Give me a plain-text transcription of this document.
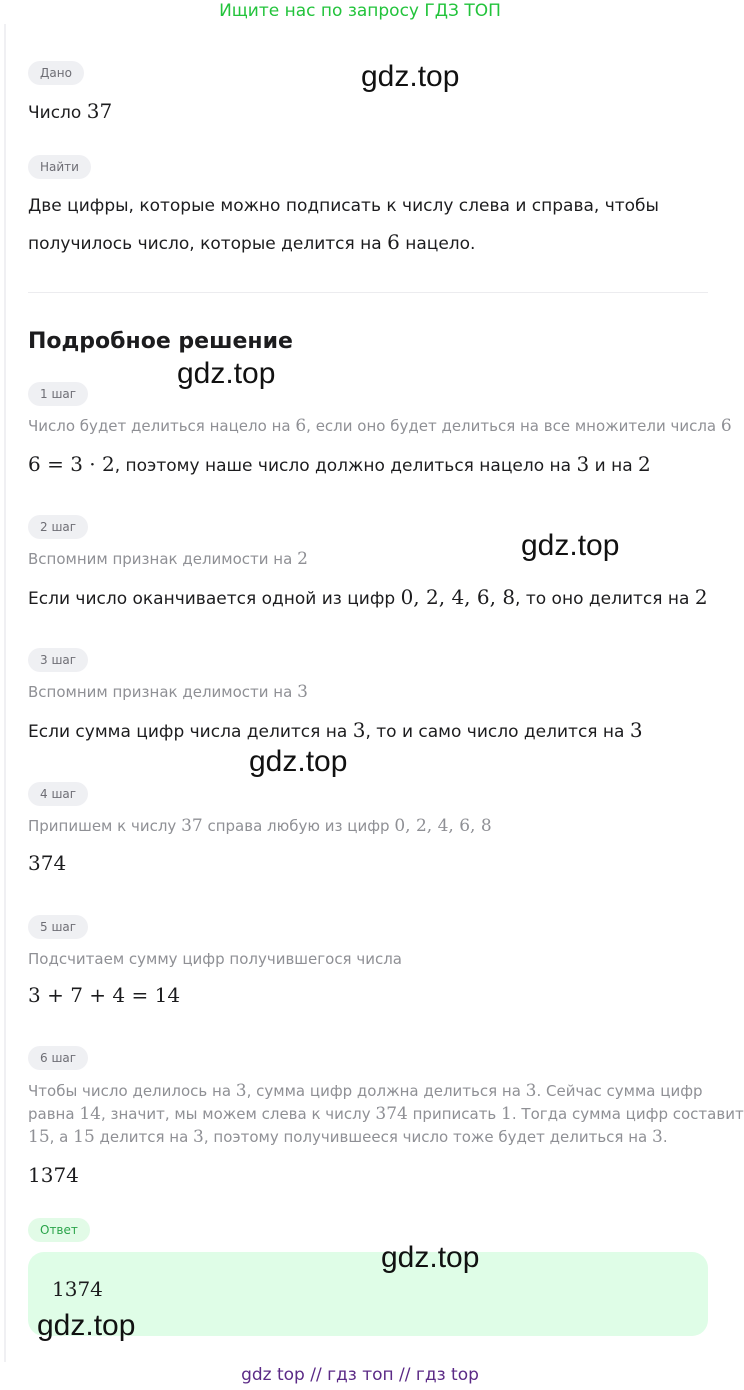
Ищите нас по запросу ГДЗ ТОП
Дано
Число 37
Найти
Две цифры, которые можно подписать к числу слева и справа, чтобы
получилось число, которые делится на 6 нацело.
Подробное решение
1 шаг
Число будет делиться нацело на 6, если оно будет делиться на все множители числа 6
6 = 3 · 2, поэтому наше число должно делиться нацело на 3 и на 2
2 шаг
Вспомним признак делимости на 2
Если число оканчивается одной из цифр 0, 2, 4, 6, 8, то оно делится на 2
3 шаг
Вспомним признак делимости на 3
Если сумма цифр числа делится на 3, то и само число делится на 3
4 шаг
Припишем к числу 37 справа любую из цифр 0, 2, 4, 6, 8
374
5 шаг
Подсчитаем сумму цифр получившегося числа
3 + 7 + 4 = 14
6 шаг
Чтобы число делилось на 3, сумма цифр должна делиться на 3. Сейчас сумма цифр
равна 14, значит, мы можем слева к числу 374 приписать 1. Тогда сумма цифр составит
15, а 15 делится на 3, поэтому получившееся число тоже будет делиться на 3.
1374
Ответ
1374
gdz.top
gdz.top
gdz.top
gdz.top
gdz.top
gdz.top
gdz top // гдз топ // гдз top
